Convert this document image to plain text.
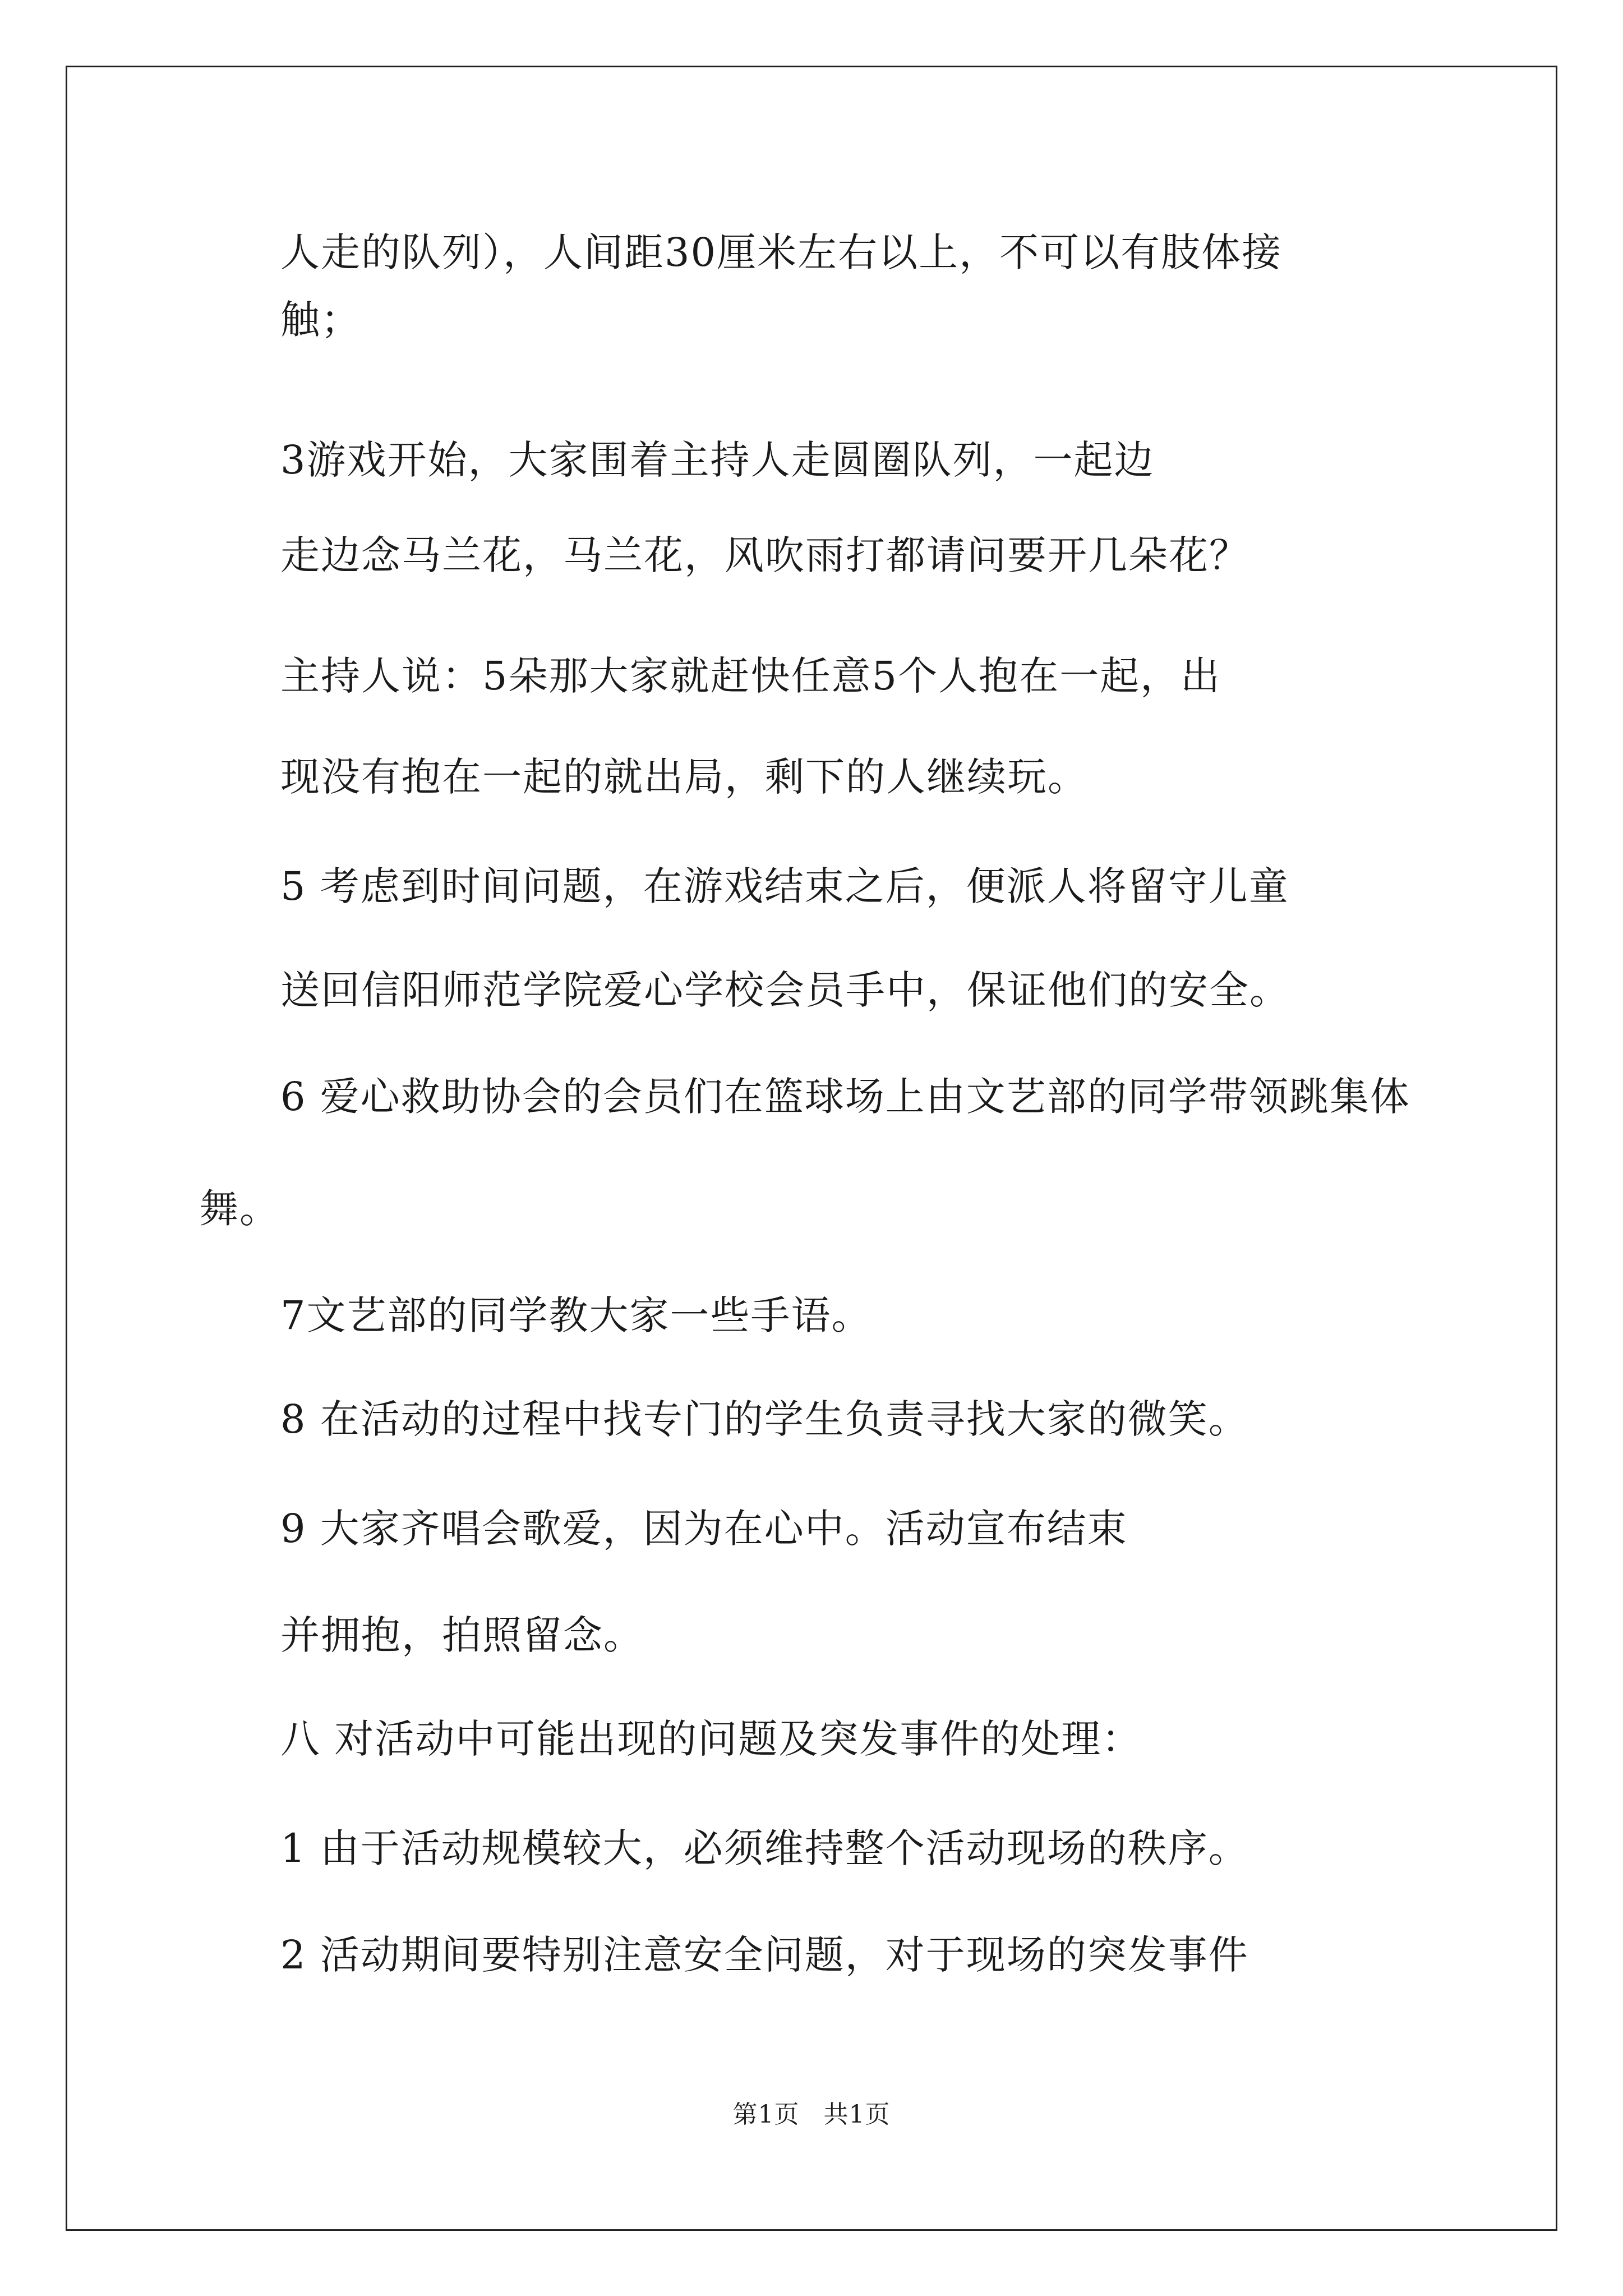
人走的队列），人间距30厘米左右以上，不可以有肢体接
触；
3游戏开始，大家围着主持人走圆圈队列，一起边
走边念马兰花，马兰花，风吹雨打都请问要开几朵花？
主持人说：5朵那大家就赶快任意5个人抱在一起，出
现没有抱在一起的就出局，剩下的人继续玩。
5 考虑到时间问题，在游戏结束之后，便派人将留守儿童
送回信阳师范学院爱心学校会员手中，保证他们的安全。
6 爱心救助协会的会员们在篮球场上由文艺部的同学带领跳集体
舞。
7文艺部的同学教大家一些手语。
8 在活动的过程中找专门的学生负责寻找大家的微笑。
9 大家齐唱会歌爱，因为在心中。活动宣布结束
并拥抱，拍照留念。
八 对活动中可能出现的问题及突发事件的处理：
1 由于活动规模较大，必须维持整个活动现场的秩序。
2 活动期间要特别注意安全问题，对于现场的突发事件
第1页 共1页
